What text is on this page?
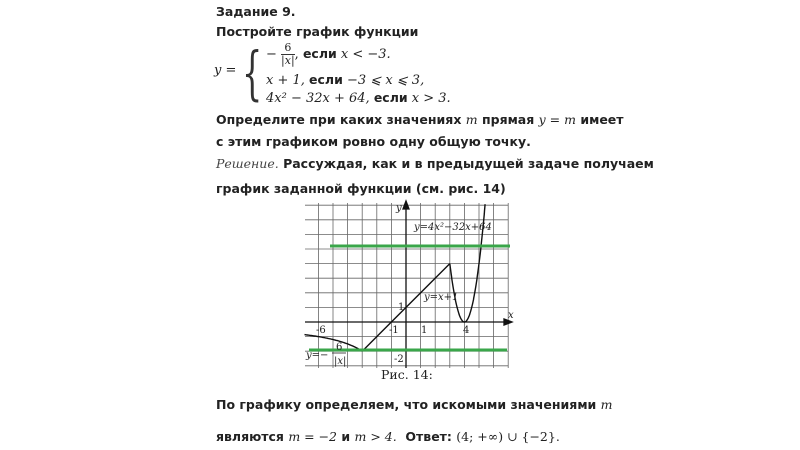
Задание 9.
Постройте график функции
y = { − $\frac{6}{|x|}$ , если x < −3.
x + 1, если −3 ⩽ x ⩽ 3,
4x² − 32x + 64, если x > 3.
Определите при каких значениях m прямая y = m имеет
с этим графиком ровно одну общую точку.
Решение. Рассуждая, как и в предыдущей задаче получаем
график заданной функции (см. рис. 14)
x
y
-6	-1 1	4
1
-2
y=4x²−32x+64
y=x+1
y=−
6
|x|
Рис. 14:
По графику определяем, что искомыми значениями m
являются m = −2 и m > 4. Ответ: (4; +∞) ∪ {−2}.
